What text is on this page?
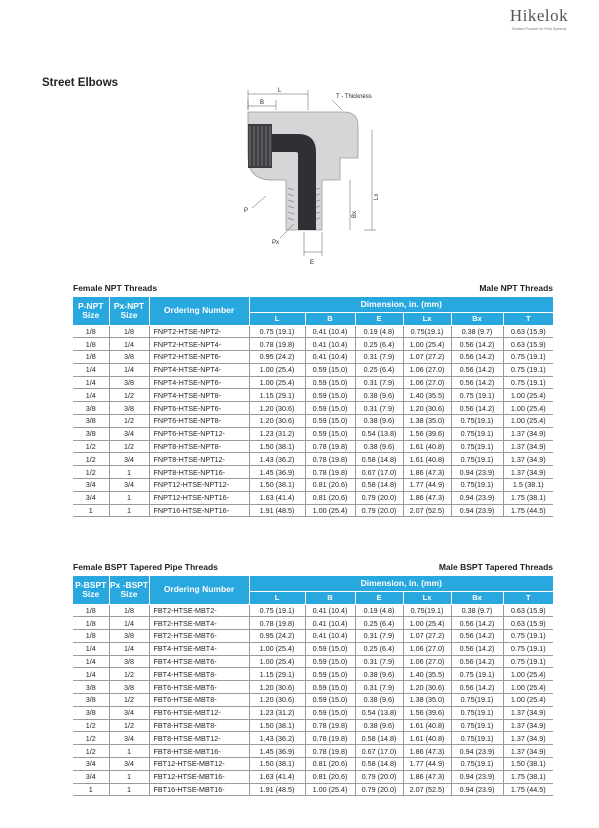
Hikelok
Solution Provider for Fluid Systems
Street Elbows
L
B
T - Thickness
P
Px
E
Lx
Bx
Female NPT Threads	Male NPT Threads
P-NPT Size	Px-NPT Size	Ordering Number	Dimension, in. (mm)					
			L	B	E	Lx	Bx	T
1/8	1/8	FNPT2-HTSE-NPT2-	0.75 (19.1)	0.41 (10.4)	0.19 (4.8)	0.75(19.1)	0.38 (9.7)	0.63 (15.9)
1/8	1/4	FNPT2-HTSE-NPT4-	0.78 (19.8)	0.41 (10.4)	0.25 (6.4)	1.00 (25.4)	0.56 (14.2)	0.63 (15.9)
1/8	3/8	FNPT2-HTSE-NPT6-	0.95 (24.2)	0.41 (10.4)	0.31 (7.9)	1.07 (27.2)	0.56 (14.2)	0.75 (19.1)
1/4	1/4	FNPT4-HTSE-NPT4-	1.00 (25.4)	0.59 (15.0)	0.25 (6.4)	1.06 (27.0)	0.56 (14.2)	0.75 (19.1)
1/4	3/8	FNPT4-HTSE-NPT6-	1.00 (25.4)	0.59 (15.0)	0.31 (7.9)	1.06 (27.0)	0.56 (14.2)	0.75 (19.1)
1/4	1/2	FNPT4-HTSE-NPT8-	1.15 (29.1)	0.59 (15.0)	0.38 (9.6)	1.40 (35.5)	0.75 (19.1)	1.00 (25.4)
3/8	3/8	FNPT6-HTSE-NPT6-	1.20 (30.6)	0.59 (15.0)	0.31 (7.9)	1.20 (30.6)	0.56 (14.2)	1.00 (25.4)
3/8	1/2	FNPT6-HTSE-NPT8-	1.20 (30.6)	0.59 (15.0)	0.38 (9.6)	1.38 (35.0)	0.75(19.1)	1.00 (25.4)
3/8	3/4	FNPT6-HTSE-NPT12-	1.23 (31.2)	0.59 (15.0)	0.54 (13.8)	1.56 (39.6)	0.75(19.1)	1.37 (34.9)
1/2	1/2	FNPT8-HTSE-NPT8-	1.50 (38.1)	0.78 (19.8)	0.38 (9.6)	1.61 (40.8)	0.75(19.1)	1.37 (34.9)
1/2	3/4	FNPT8-HTSE-NPT12-	1.43 (36.2)	0.78 (19.8)	0.58 (14.8)	1.61 (40.8)	0.75(19.1)	1.37 (34.9)
1/2	1	FNPT8-HTSE-NPT16-	1.45 (36.9)	0.78 (19.8)	0.67 (17.0)	1.86 (47.3)	0.94 (23.9)	1.37 (34.9)
3/4	3/4	FNPT12-HTSE-NPT12-	1.50 (38.1)	0.81 (20.6)	0.58 (14.8)	1.77 (44.9)	0.75(19.1)	1.5 (38.1)
3/4	1	FNPT12-HTSE-NPT16-	1.63 (41.4)	0.81 (20.6)	0.79 (20.0)	1.86 (47.3)	0.94 (23.9)	1.75 (38.1)
1	1	FNPT16-HTSE-NPT16-	1.91 (48.5)	1.00 (25.4)	0.79 (20.0)	2.07 (52.5)	0.94 (23.9)	1.75 (44.5)
Female BSPT Tapered Pipe Threads	Male BSPT Tapered Threads
P-BSPT Size	Px -BSPT Size	Ordering Number	Dimension, in. (mm)					
			L	B	E	Lx	Bx	T
1/8	1/8	FBT2-HTSE-MBT2-	0.75 (19.1)	0.41 (10.4)	0.19 (4.8)	0.75(19.1)	0.38 (9.7)	0.63 (15.9)
1/8	1/4	FBT2-HTSE-MBT4-	0.78 (19.8)	0.41 (10.4)	0.25 (6.4)	1.00 (25.4)	0.56 (14.2)	0.63 (15.9)
1/8	3/8	FBT2-HTSE-MBT6-	0.95 (24.2)	0.41 (10.4)	0.31 (7.9)	1.07 (27.2)	0.56 (14.2)	0.75 (19.1)
1/4	1/4	FBT4-HTSE-MBT4-	1.00 (25.4)	0.59 (15.0)	0.25 (6.4)	1.06 (27.0)	0.56 (14.2)	0.75 (19.1)
1/4	3/8	FBT4-HTSE-MBT6-	1.00 (25.4)	0.59 (15.0)	0.31 (7.9)	1.06 (27.0)	0.56 (14.2)	0.75 (19.1)
1/4	1/2	FBT4-HTSE-MBT8-	1.15 (29.1)	0.59 (15.0)	0.38 (9.6)	1.40 (35.5)	0.75 (19.1)	1.00 (25.4)
3/8	3/8	FBT6-HTSE-MBT6-	1.20 (30.6)	0.59 (15.0)	0.31 (7.9)	1.20 (30.6)	0.56 (14.2)	1.00 (25.4)
3/8	1/2	FBT6-HTSE-MBT8-	1.20 (30.6)	0.59 (15.0)	0.38 (9.6)	1.38 (35.0)	0.75(19.1)	1.00 (25.4)
3/8	3/4	FBT6-HTSE-MBT12-	1.23 (31.2)	0.59 (15.0)	0.54 (13.8)	1.56 (39.6)	0.75(19.1)	1.37 (34.9)
1/2	1/2	FBT8-HTSE-MBT8-	1.50 (38.1)	0.78 (19.8)	0.38 (9.6)	1.61 (40.8)	0.75(19.1)	1.37 (34.9)
1/2	3/4	FBT8-HTSE-MBT12-	1.43 (36.2)	0.78 (19.8)	0.58 (14.8)	1.61 (40.8)	0.75(19.1)	1.37 (34.9)
1/2	1	FBT8-HTSE-MBT16-	1.45 (36.9)	0.78 (19.8)	0.67 (17.0)	1.86 (47.3)	0.94 (23.9)	1.37 (34.9)
3/4	3/4	FBT12-HTSE-MBT12-	1.50 (38.1)	0.81 (20.6)	0.58 (14.8)	1.77 (44.9)	0.75(19.1)	1.50 (38.1)
3/4	1	FBT12-HTSE-MBT16-	1.63 (41.4)	0.81 (20.6)	0.79 (20.0)	1.86 (47.3)	0.94 (23.9)	1.75 (38.1)
1	1	FBT16-HTSE-MBT16-	1.91 (48.5)	1.00 (25.4)	0.79 (20.0)	2.07 (52.5)	0.94 (23.9)	1.75 (44.5)
